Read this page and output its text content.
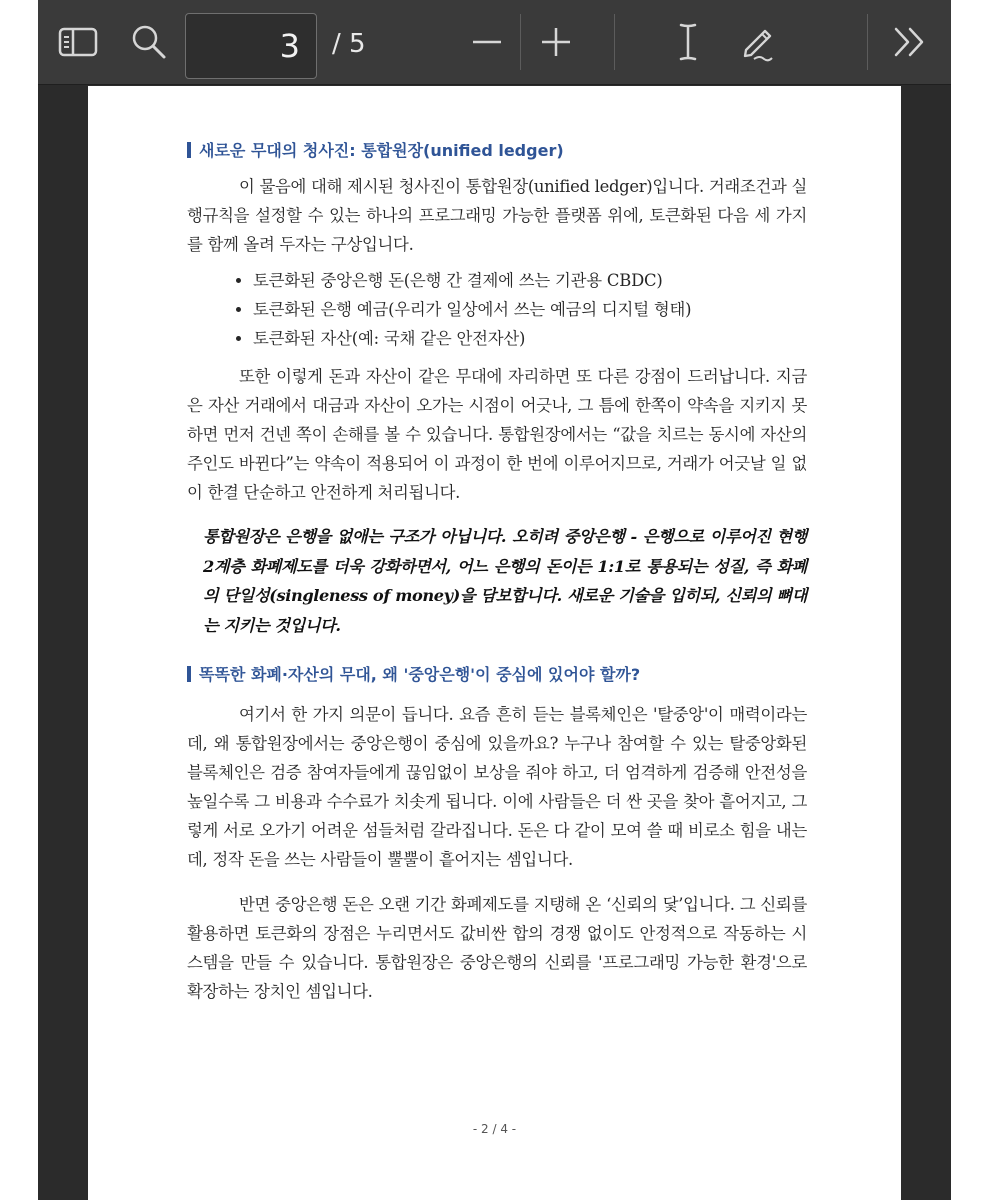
3
/ 5
새로운 무대의 청사진: 통합원장(unified ledger)

이 물음에 대해 제시된 청사진이 통합원장(unified ledger)입니다. 거래조건과 실행규칙을 설정할 수 있는 하나의 프로그래밍 가능한 플랫폼 위에, 토큰화된 다음 세 가지를 함께 올려 두자는 구상입니다.

• 토큰화된 중앙은행 돈(은행 간 결제에 쓰는 기관용 CBDC)
• 토큰화된 은행 예금(우리가 일상에서 쓰는 예금의 디지털 형태)
• 토큰화된 자산(예: 국채 같은 안전자산)

또한 이렇게 돈과 자산이 같은 무대에 자리하면 또 다른 강점이 드러납니다. 지금은 자산 거래에서 대금과 자산이 오가는 시점이 어긋나, 그 틈에 한쪽이 약속을 지키지 못하면 먼저 건넨 쪽이 손해를 볼 수 있습니다. 통합원장에서는 “값을 치르는 동시에 자산의 주인도 바뀐다”는 약속이 적용되어 이 과정이 한 번에 이루어지므로, 거래가 어긋날 일 없이 한결 단순하고 안전하게 처리됩니다.

통합원장은 은행을 없애는 구조가 아닙니다. 오히려 중앙은행 - 은행으로 이루어진 현행 2계층 화폐제도를 더욱 강화하면서, 어느 은행의 돈이든 1:1로 통용되는 성질, 즉 화폐의 단일성(singleness of money)을 담보합니다. 새로운 기술을 입히되, 신뢰의 뼈대는 지키는 것입니다.

똑똑한 화폐·자산의 무대, 왜 '중앙은행'이 중심에 있어야 할까?

여기서 한 가지 의문이 듭니다. 요즘 흔히 듣는 블록체인은 '탈중앙'이 매력이라는데, 왜 통합원장에서는 중앙은행이 중심에 있을까요? 누구나 참여할 수 있는 탈중앙화된 블록체인은 검증 참여자들에게 끊임없이 보상을 줘야 하고, 더 엄격하게 검증해 안전성을 높일수록 그 비용과 수수료가 치솟게 됩니다. 이에 사람들은 더 싼 곳을 찾아 흩어지고, 그렇게 서로 오가기 어려운 섬들처럼 갈라집니다. 돈은 다 같이 모여 쓸 때 비로소 힘을 내는데, 정작 돈을 쓰는 사람들이 뿔뿔이 흩어지는 셈입니다.

반면 중앙은행 돈은 오랜 기간 화폐제도를 지탱해 온 ‘신뢰의 닻’입니다. 그 신뢰를 활용하면 토큰화의 장점은 누리면서도 값비싼 합의 경쟁 없이도 안정적으로 작동하는 시스템을 만들 수 있습니다. 통합원장은 중앙은행의 신뢰를 '프로그래밍 가능한 환경'으로 확장하는 장치인 셈입니다.

- 2 / 4 -
